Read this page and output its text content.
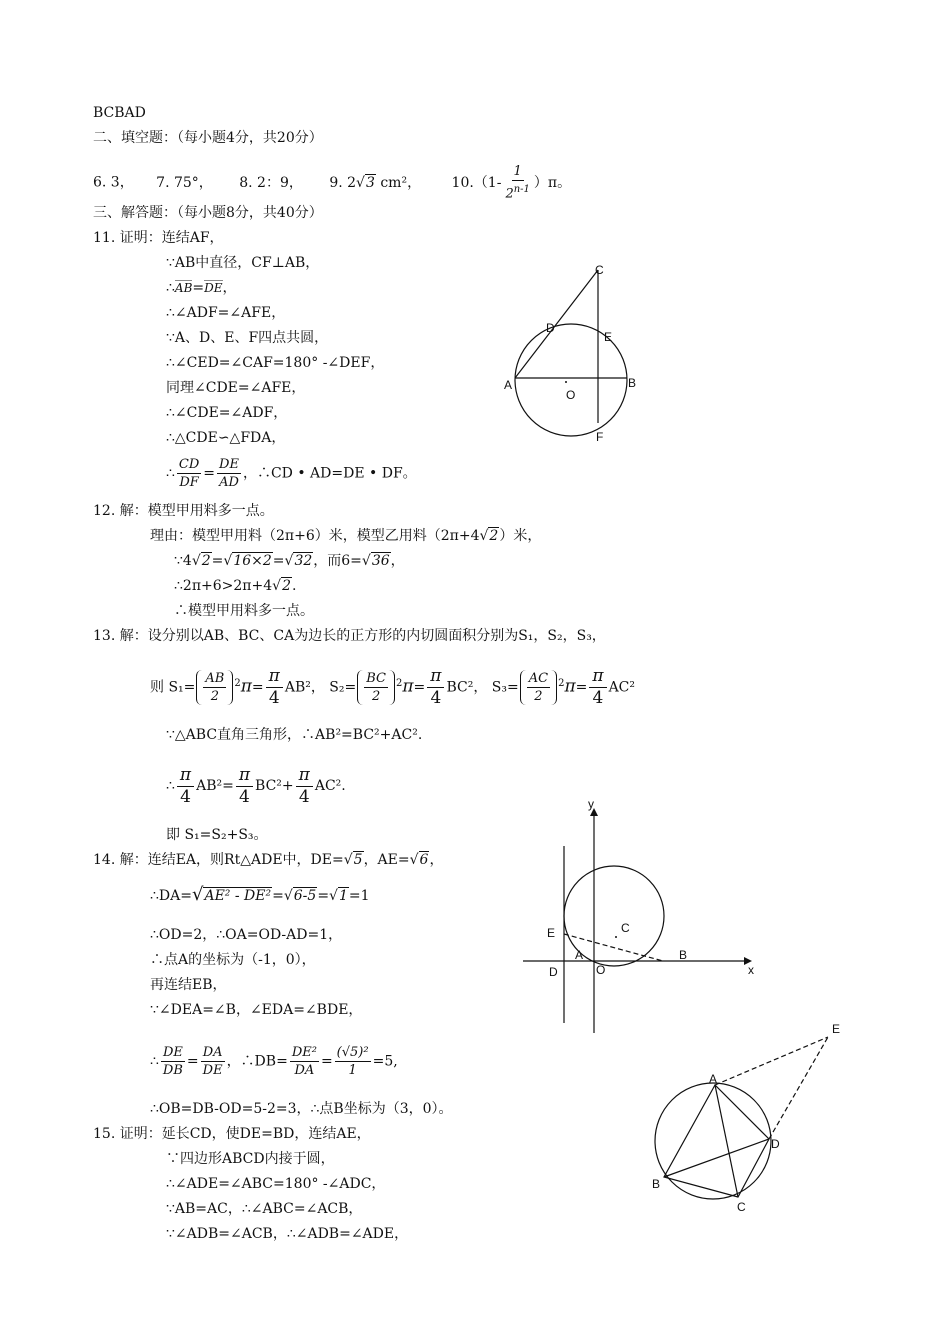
BCBAD
二、填空题：（每小题4分，共20分）
6. 3， 7. 75°， 8. 2：9， 9. 2√3 cm²， $10.(1- \frac{1}{2^{n-1}} )\pi$。
三、解答题：（每小题8分，共40分）
11. 证明：连结AF，
∵AB中直径，CF⊥AB，
∴AB=DE，
∴∠ADF=∠AFE，
∵A、D、E、F四点共圆，
∴∠CED=∠CAF=180° -∠DEF，
同理∠CDE=∠AFE，
∴∠CDE=∠ADF，
∴△CDE∽△FDA，
∴ $\frac{CD}{DF} = \frac{DE}{AD}$ ，∴CD • AD=DE • DF。
12. 解：模型甲用料多一点。
理由：模型甲用料（2π+6）米，模型乙用料（2π+4√2）米，
∵4√2=√16×2=√32，而6=√36，
∴2π+6>2π+4√2.
∴模型甲用料多一点。
13. 解：设分别以AB、BC、CA为边长的正方形的内切圆面积分别为S₁，S₂，S₃，
则 $S_1= \frac{AB}{2} ^2\pi= \frac{\pi}{4} AB^2$， $S_2= \frac{BC}{2} ^2\pi= \frac{\pi}{4} BC^2$， $S_3= \frac{AC}{2} ^2\pi= \frac{\pi}{4} AC^2$
∵△ABC直角三角形，∴AB²=BC²+AC².
∴ $\frac{\pi}{4} AB^2= \frac{\pi}{4} BC^2+ \frac{\pi}{4} AC^2$.
即 S₁=S₂+S₃。
14. 解：连结EA，则Rt△ADE中，DE=√5，AE=√6，
∴DA=√AE² - DE²=√6-5=√1=1
∴OD=2，∴OA=OD-AD=1，
∴点A的坐标为（-1，0），
再连结EB，
∵∠DEA=∠B，∠EDA=∠BDE，
∴ $\frac{DE}{DB} = \frac{DA}{DE}$ ，∴DB= $\frac{\text{DE²}}{DA} = \frac{\text{(√5)²}}{1} =5$,
∴OB=DB-OD=5-2=3，∴点B坐标为（3，0）。
15. 证明：延长CD，使DE=BD，连结AE，
∵四边形ABCD内接于圆，
∴∠ADE=∠ABC=180° -∠ADC，
∵AB=AC，∴∠ABC=∠ACB，
∵∠ADB=∠ACB，∴∠ADB=∠ADE，
C
D
E
A	B
O
F
y
x
E	C
A	B
D	O
E
A
D
B
C
